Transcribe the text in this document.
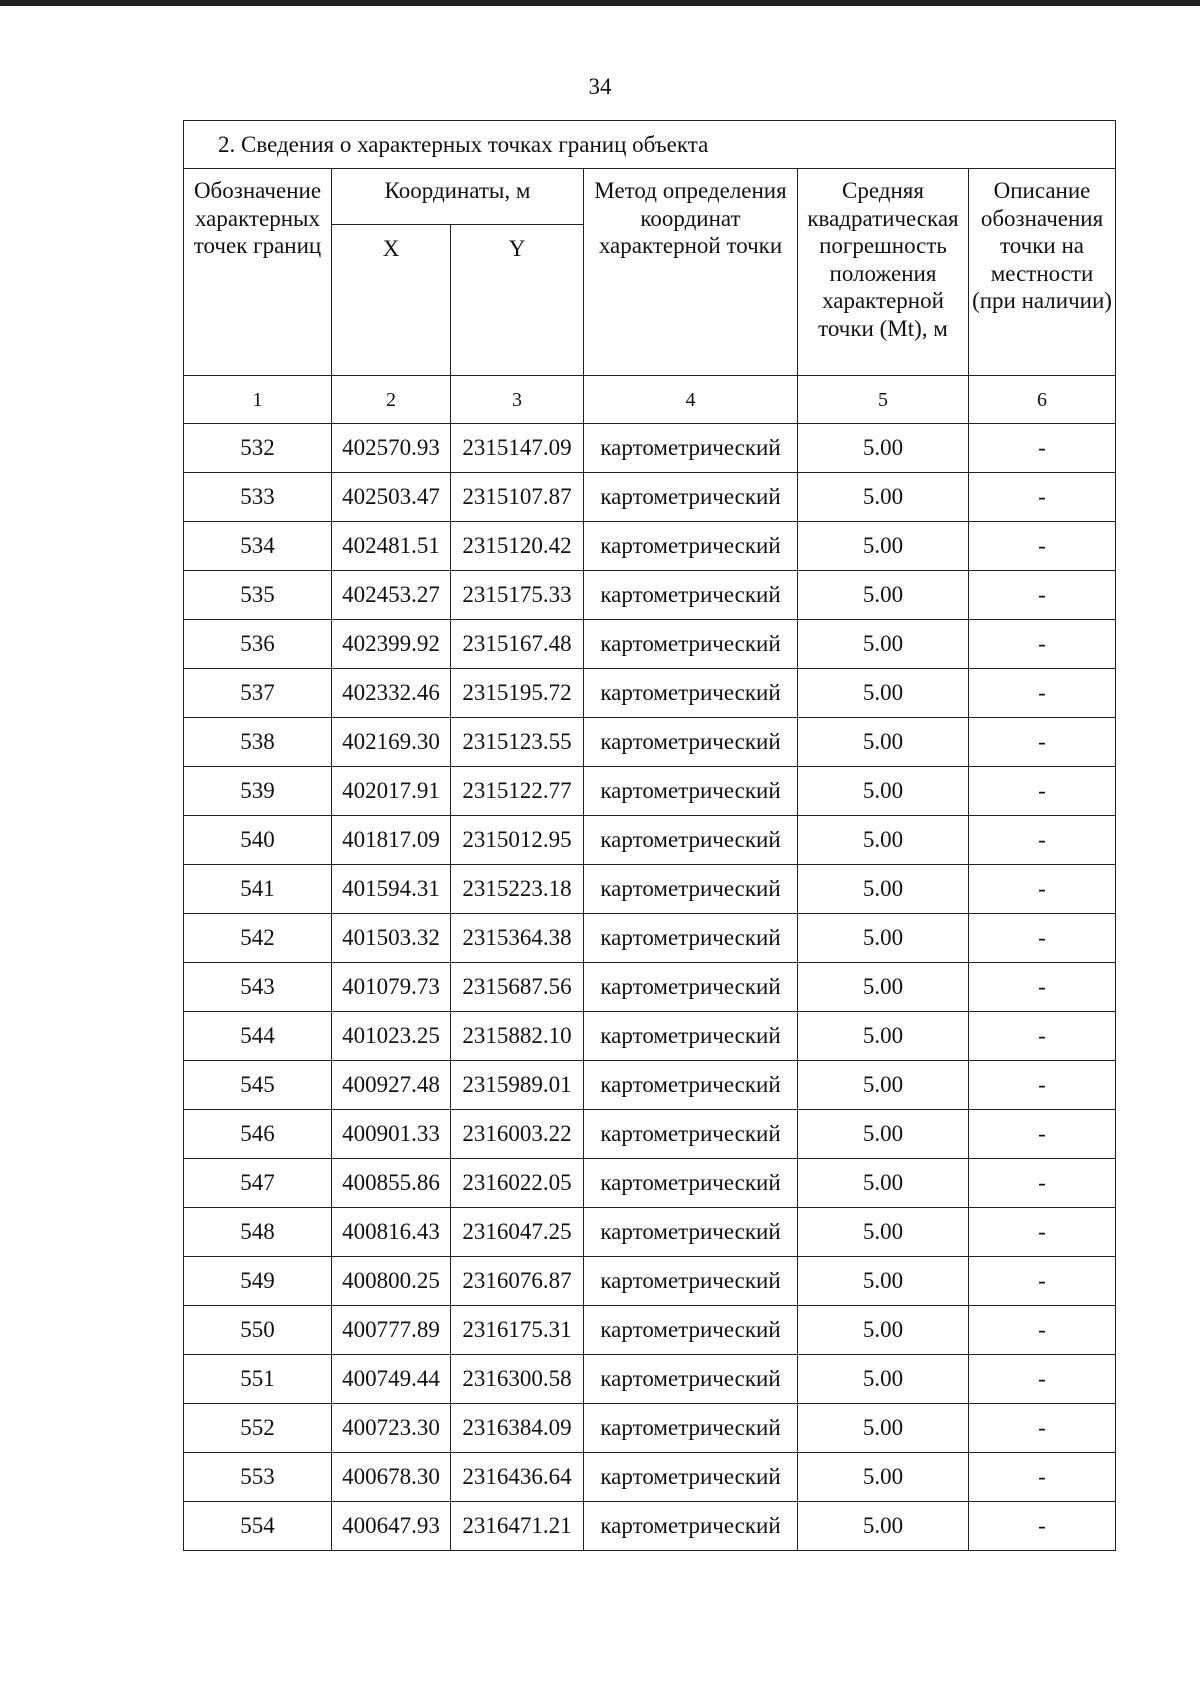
34
2. Сведения о характерных точках границ объекта					
Обозначение характерных точек границ	Координаты, м		Метод определения координат характерной точки	Средняя квадратическая погрешность положения характерной точки (Mt), м	Описание обозначения точки на местности (при наличии)
	X	Y			
1	2	3	4	5	6
532	402570.93	2315147.09	картометрический	5.00	-
533	402503.47	2315107.87	картометрический	5.00	-
534	402481.51	2315120.42	картометрический	5.00	-
535	402453.27	2315175.33	картометрический	5.00	-
536	402399.92	2315167.48	картометрический	5.00	-
537	402332.46	2315195.72	картометрический	5.00	-
538	402169.30	2315123.55	картометрический	5.00	-
539	402017.91	2315122.77	картометрический	5.00	-
540	401817.09	2315012.95	картометрический	5.00	-
541	401594.31	2315223.18	картометрический	5.00	-
542	401503.32	2315364.38	картометрический	5.00	-
543	401079.73	2315687.56	картометрический	5.00	-
544	401023.25	2315882.10	картометрический	5.00	-
545	400927.48	2315989.01	картометрический	5.00	-
546	400901.33	2316003.22	картометрический	5.00	-
547	400855.86	2316022.05	картометрический	5.00	-
548	400816.43	2316047.25	картометрический	5.00	-
549	400800.25	2316076.87	картометрический	5.00	-
550	400777.89	2316175.31	картометрический	5.00	-
551	400749.44	2316300.58	картометрический	5.00	-
552	400723.30	2316384.09	картометрический	5.00	-
553	400678.30	2316436.64	картометрический	5.00	-
554	400647.93	2316471.21	картометрический	5.00	-
